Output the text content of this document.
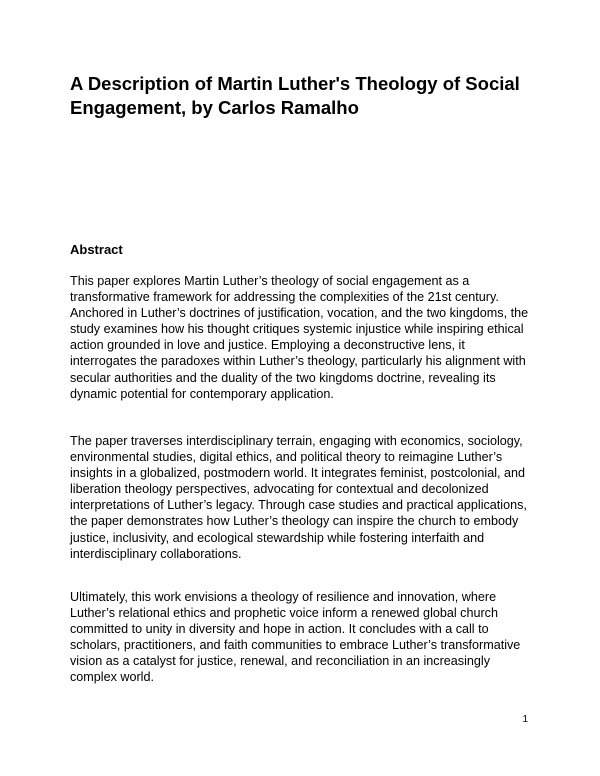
A Description of Martin Luther's Theology of Social Engagement, by Carlos Ramalho
Abstract

This paper explores Martin Luther’s theology of social engagement as a transformative framework for addressing the complexities of the 21st century. Anchored in Luther’s doctrines of justification, vocation, and the two kingdoms, the study examines how his thought critiques systemic injustice while inspiring ethical action grounded in love and justice. Employing a deconstructive lens, it interrogates the paradoxes within Luther’s theology, particularly his alignment with secular authorities and the duality of the two kingdoms doctrine, revealing its dynamic potential for contemporary application.

The paper traverses interdisciplinary terrain, engaging with economics, sociology, environmental studies, digital ethics, and political theory to reimagine Luther’s insights in a globalized, postmodern world. It integrates feminist, postcolonial, and liberation theology perspectives, advocating for contextual and decolonized interpretations of Luther’s legacy. Through case studies and practical applications, the paper demonstrates how Luther’s theology can inspire the church to embody justice, inclusivity, and ecological stewardship while fostering interfaith and interdisciplinary collaborations.

Ultimately, this work envisions a theology of resilience and innovation, where Luther’s relational ethics and prophetic voice inform a renewed global church committed to unity in diversity and hope in action. It concludes with a call to scholars, practitioners, and faith communities to embrace Luther’s transformative vision as a catalyst for justice, renewal, and reconciliation in an increasingly complex world.

1
